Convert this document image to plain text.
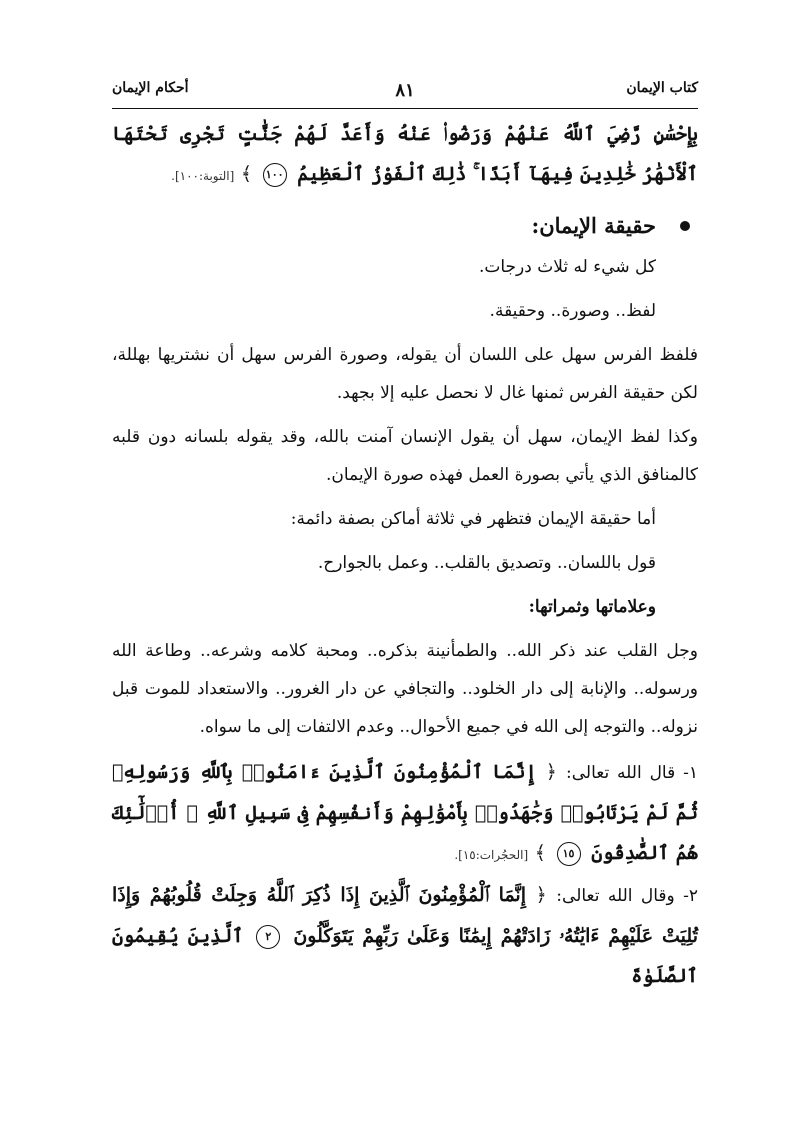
كتاب الإيمان
٨١
أحكام الإيمان
بِإِحْسَٰنٍ رَّضِيَ ٱللَّهُ عَنْهُمْ وَرَضُوا۟ عَنْهُ وَأَعَدَّ لَهُمْ جَنَّٰتٍ تَجْرِى تَحْتَهَا ٱلْأَنْهَٰرُ خَٰلِدِينَ فِيهَآ أَبَدًا ۚ ذَٰلِكَ ٱلْفَوْزُ ٱلْعَظِيمُ ١٠٠ ﴾ [التوبة:١٠٠].
حقيقة الإيمان:

كل شيء له ثلاث درجات.

لفظ.. وصورة.. وحقيقة.

فلفظ الفرس سهل على اللسان أن يقوله، وصورة الفرس سهل أن نشتريها بهللة، لكن حقيقة الفرس ثمنها غال لا نحصل عليه إلا بجهد.

وكذا لفظ الإيمان، سهل أن يقول الإنسان آمنت بالله، وقد يقوله بلسانه دون قلبه كالمنافق الذي يأتي بصورة العمل فهذه صورة الإيمان.

أما حقيقة الإيمان فتظهر في ثلاثة أماكن بصفة دائمة:

قول باللسان.. وتصديق بالقلب.. وعمل بالجوارح.

وعلاماتها وثمراتها:

وجل القلب عند ذكر الله.. والطمأنينة بذكره.. ومحبة كلامه وشرعه.. وطاعة الله ورسوله.. والإنابة إلى دار الخلود.. والتجافي عن دار الغرور.. والاستعداد للموت قبل نزوله.. والتوجه إلى الله في جميع الأحوال.. وعدم الالتفات إلى ما سواه.

١- قال الله تعالى: ﴿ إِنَّمَا ٱلْمُؤْمِنُونَ ٱلَّذِينَ ءَامَنُوا۟ بِٱللَّهِ وَرَسُولِهِۦ ثُمَّ لَمْ يَرْتَابُوا۟ وَجَٰهَدُوا۟ بِأَمْوَٰلِهِمْ وَأَنفُسِهِمْ فِى سَبِيلِ ٱللَّهِ ۚ أُو۟لَٰٓئِكَ هُمُ ٱلصَّٰدِقُونَ ١٥ ﴾ [الحجُرات:١٥].
٢- وقال الله تعالى: ﴿ إِنَّمَا ٱلْمُؤْمِنُونَ ٱلَّذِينَ إِذَا ذُكِرَ ٱللَّهُ وَجِلَتْ قُلُوبُهُمْ وَإِذَا تُلِيَتْ عَلَيْهِمْ ءَايَٰتُهُۥ زَادَتْهُمْ إِيمَٰنًا وَعَلَىٰ رَبِّهِمْ يَتَوَكَّلُونَ ٢ ٱلَّذِينَ يُقِيمُونَ ٱلصَّلَوٰةَ
